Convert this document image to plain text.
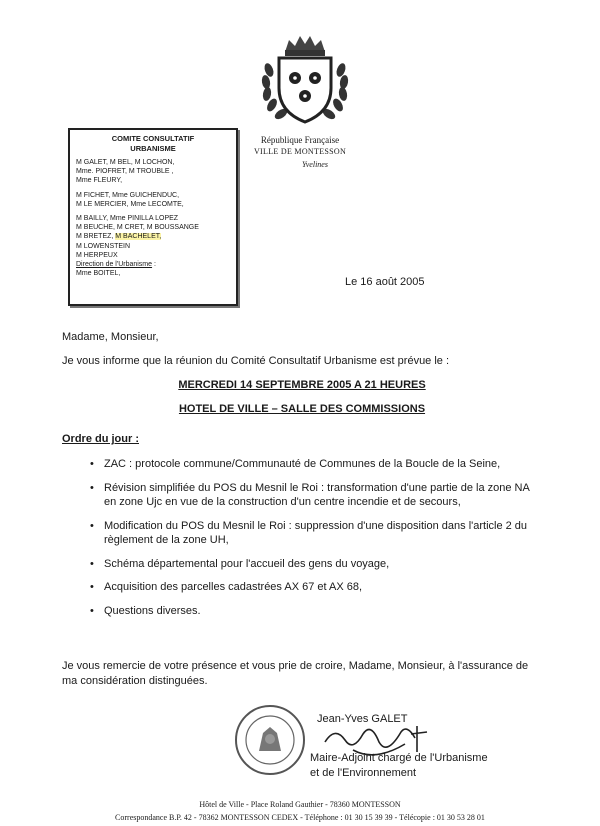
République Française
VILLE DE MONTESSON
Yvelines
COMITE CONSULTATIF
URBANISME
M GALET, M BEL, M LOCHON,
Mme. PIOFRET, M TROUBLE ,
Mme FLEURY,
M FICHET, Mme GUICHENDUC,
M LE MERCIER, Mme LECOMTE,
M BAILLY, Mme PINILLA LOPEZ
M BEUCHE, M CRET, M BOUSSANGE
M BRETEZ, M BACHELET,
M LOWENSTEIN
M HERPEUX
Direction de l'Urbanisme :
Mme BOITEL,
Le 16 août 2005
Madame, Monsieur,
Je vous informe que la réunion du Comité Consultatif Urbanisme est prévue le :
MERCREDI 14 SEPTEMBRE 2005 A 21 HEURES
HOTEL DE VILLE – SALLE DES COMMISSIONS
Ordre du jour :
• ZAC : protocole commune/Communauté de Communes de la Boucle de la Seine,
• Révision simplifiée du POS du Mesnil le Roi : transformation d'une partie de la zone NA en zone Ujc en vue de la construction d'un centre incendie et de secours,
• Modification du POS du Mesnil le Roi : suppression d'une disposition dans l'article 2 du règlement de la zone UH,
• Schéma départemental pour l'accueil des gens du voyage,
• Acquisition des parcelles cadastrées AX 67 et AX 68,
• Questions diverses.
Je vous remercie de votre présence et vous prie de croire, Madame, Monsieur, à l'assurance de ma considération distinguées.
Jean-Yves GALET
Maire-Adjoint chargé de l'Urbanisme
et de l'Environnement
Hôtel de Ville - Place Roland Gauthier - 78360 MONTESSON
Correspondance B.P. 42 - 78362 MONTESSON CEDEX - Téléphone : 01 30 15 39 39 - Télécopie : 01 30 53 28 01
